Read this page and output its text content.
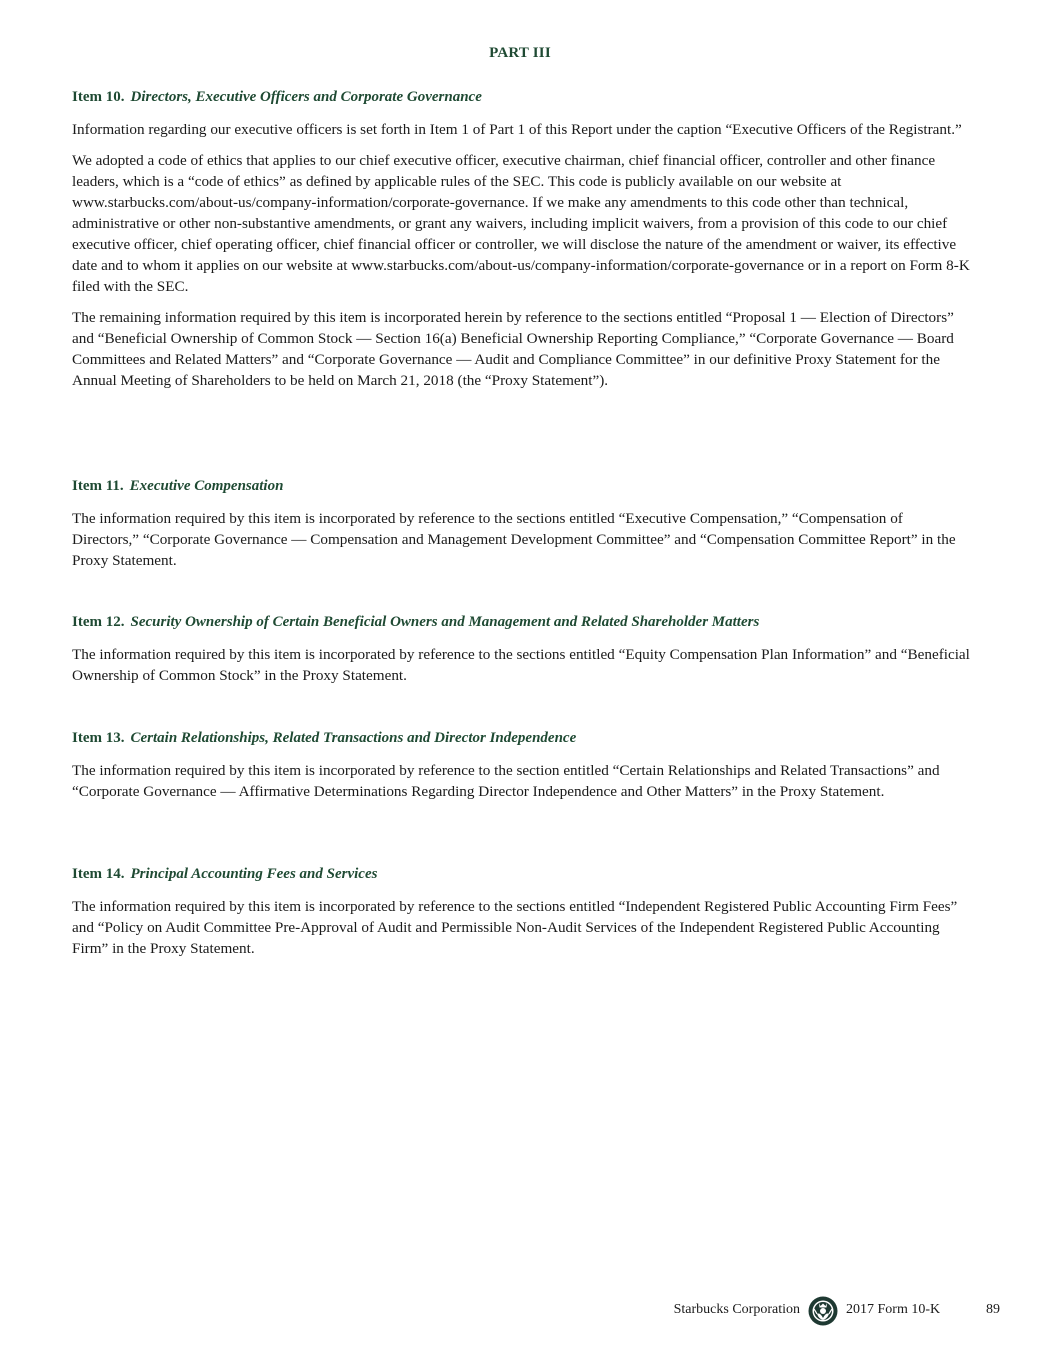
PART III
Item 10. Directors, Executive Officers and Corporate Governance

Information regarding our executive officers is set forth in Item 1 of Part 1 of this Report under the caption “Executive Officers of the Registrant.”

We adopted a code of ethics that applies to our chief executive officer, executive chairman, chief financial officer, controller and other finance leaders, which is a “code of ethics” as defined by applicable rules of the SEC. This code is publicly available on our website at www.starbucks.com/about-us/company-information/corporate-governance. If we make any amendments to this code other than technical, administrative or other non-substantive amendments, or grant any waivers, including implicit waivers, from a provision of this code to our chief executive officer, chief operating officer, chief financial officer or controller, we will disclose the nature of the amendment or waiver, its effective date and to whom it applies on our website at www.starbucks.com/about-us/company-information/corporate-governance or in a report on Form 8-K filed with the SEC.

The remaining information required by this item is incorporated herein by reference to the sections entitled “Proposal 1 — Election of Directors” and “Beneficial Ownership of Common Stock — Section 16(a) Beneficial Ownership Reporting Compliance,” “Corporate Governance — Board Committees and Related Matters” and “Corporate Governance — Audit and Compliance Committee” in our definitive Proxy Statement for the Annual Meeting of Shareholders to be held on March 21, 2018 (the “Proxy Statement”).

Item 11. Executive Compensation

The information required by this item is incorporated by reference to the sections entitled “Executive Compensation,” “Compensation of Directors,” “Corporate Governance — Compensation and Management Development Committee” and “Compensation Committee Report” in the Proxy Statement.

Item 12. Security Ownership of Certain Beneficial Owners and Management and Related Shareholder Matters

The information required by this item is incorporated by reference to the sections entitled “Equity Compensation Plan Information” and “Beneficial Ownership of Common Stock” in the Proxy Statement.

Item 13. Certain Relationships, Related Transactions and Director Independence

The information required by this item is incorporated by reference to the section entitled “Certain Relationships and Related Transactions” and “Corporate Governance — Affirmative Determinations Regarding Director Independence and Other Matters” in the Proxy Statement.

Item 14. Principal Accounting Fees and Services

The information required by this item is incorporated by reference to the sections entitled “Independent Registered Public Accounting Firm Fees” and “Policy on Audit Committee Pre-Approval of Audit and Permissible Non-Audit Services of the Independent Registered Public Accounting Firm” in the Proxy Statement.

Starbucks Corporation	2017 Form 10-K	89
